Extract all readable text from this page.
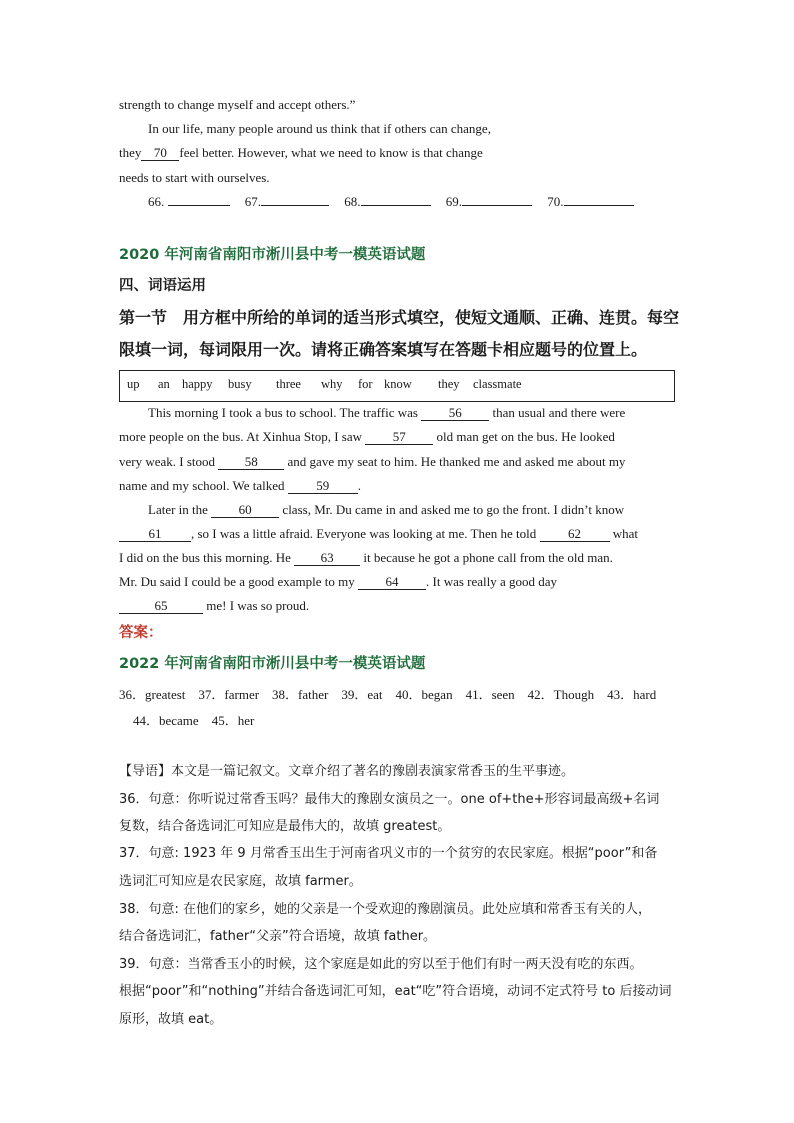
strength to change myself and accept others.”
In our life, many people around us think that if others can change,
they 70 feel better. However, what we need to know is that change
needs to start with ourselves.
66.	67.	68.	69.	70.
2020 年河南省南阳市淅川县中考一模英语试题
四、词语运用
第一节　用方框中所给的单词的适当形式填空，使短文通顺、正确、连贯。每空
限填一词，每词限用一次。请将正确答案填写在答题卡相应题号的位置上。
up an happy busy three why for know they classmate
This morning I took a bus to school. The traffic was 56 than usual and there were
more people on the bus. At Xinhua Stop, I saw 57 old man get on the bus. He looked
very weak. I stood 58 and gave my seat to him. He thanked me and asked me about my
name and my school. We talked 59 .
Later in the 60 class, Mr. Du came in and asked me to go the front. I didn’t know
61 , so I was a little afraid. Everyone was looking at me. Then he told 62 what
I did on the bus this morning. He 63 it because he got a phone call from the old man.
Mr. Du said I could be a good example to my 64 . It was really a good day
65	me! I was so proud.
答案：
2022 年河南省南阳市淅川县中考一模英语试题
36．greatest　37．farmer　38．father　39．eat　40．began　41．seen　42．Though　43．hard
44．became　45．her
【导语】本文是一篇记叙文。文章介绍了著名的豫剧表演家常香玉的生平事迹。
36．句意：你听说过常香玉吗？最伟大的豫剧女演员之一。one of+the+形容词最高级+名词
复数，结合备选词汇可知应是最伟大的，故填 greatest。
37．句意: 1923 年 9 月常香玉出生于河南省巩义市的一个贫穷的农民家庭。根据“poor”和备
选词汇可知应是农民家庭，故填 farmer。
38．句意: 在他们的家乡，她的父亲是一个受欢迎的豫剧演员。此处应填和常香玉有关的人，
结合备选词汇，father“父亲”符合语境，故填 father。
39．句意：当常香玉小的时候，这个家庭是如此的穷以至于他们有时一两天没有吃的东西。
根据“poor”和“nothing”并结合备选词汇可知，eat“吃”符合语境，动词不定式符号 to 后接动词
原形，故填 eat。
